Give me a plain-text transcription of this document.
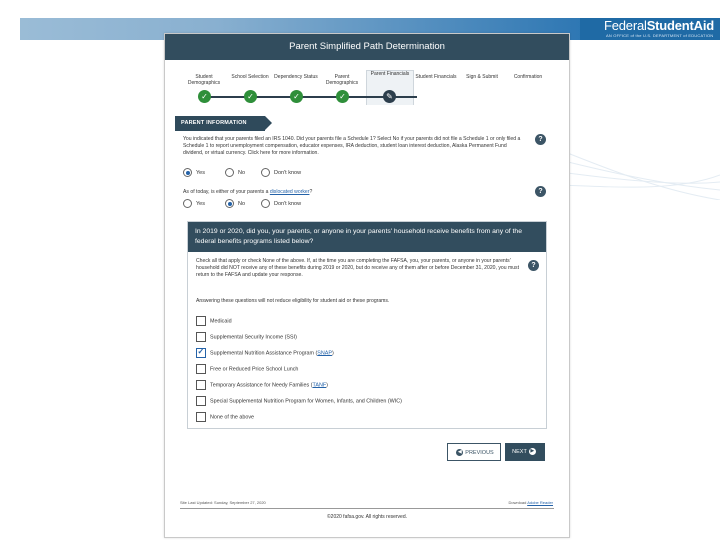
FederalStudentAid
AN OFFICE of the U.S. DEPARTMENT of EDUCATION
Parent Simplified Path Determination
Student Demographics
School Selection	Dependency Status	Parent Demographics
Parent Financials	Student Financials	Sign & Submit	Confirmation
✓	✓	✓	✓	✎
PARENT INFORMATION
You indicated that your parents filed an IRS 1040. Did your parents file a Schedule 1? Select No if your parents did not file a Schedule 1 or only filed a Schedule 1 to report unemployment compensation, educator expenses, IRA deduction, student loan interest deduction, Alaska Permanent Fund dividend, or virtual currency. Click here for more information.
?
Yes	No	Don't know
As of today, is either of your parents a dislocated worker?	?
Yes	No	Don't know
In 2019 or 2020, did you, your parents, or anyone in your parents' household receive benefits from any of the federal benefits programs listed below?
Check all that apply or check None of the above. If, at the time you are completing the FAFSA, you, your parents, or anyone in your parents' household did NOT receive any of these benefits during 2019 or 2020, but do receive any of them after or before December 31, 2020, you must return to the FAFSA and update your response.
?
Answering these questions will not reduce eligibility for student aid or these programs.
Medicaid
Supplemental Security Income (SSI)
✓Supplemental Nutrition Assistance Program (SNAP)
Free or Reduced Price School Lunch
Temporary Assistance for Needy Families (TANF)
Special Supplemental Nutrition Program for Women, Infants, and Children (WIC)
None of the above
◀ PREVIOUS	NEXT ▶
Site Last Updated: Sunday, September 27, 2020	Download Adobe Reader
©2020 fafsa.gov. All rights reserved.
